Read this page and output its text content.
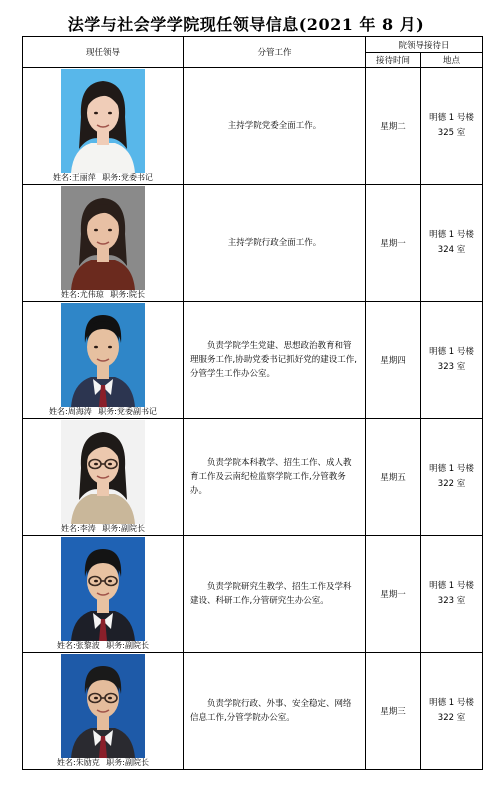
法学与社会学学院现任领导信息(2021 年 8 月)
现任领导	分管工作	院领导接待日	
		接待时间	地点

姓名:王丽萍 职务:党委书记	主持学院党委全面工作。	星期二	明德 1 号楼
325 室

姓名:尤伟琼 职务:院长	主持学院行政全面工作。	星期一	明德 1 号楼
324 室

姓名:周海涛 职务:党委副书记	负责学院学生党建、思想政治教育和管理服务工作,协助党委书记抓好党的建设工作,分管学生工作办公室。	星期四	明德 1 号楼
323 室

姓名:李涛 职务:副院长	负责学院本科教学、招生工作、成人教育工作及云南纪检监察学院工作,分管教务办。	星期五	明德 1 号楼
322 室

姓名:张黎波 职务:副院长	负责学院研究生教学、招生工作及学科建设、科研工作,分管研究生办公室。	星期一	明德 1 号楼
323 室

姓名:朱励克 职务:副院长	负责学院行政、外事、安全稳定、网络信息工作,分管学院办公室。	星期三	明德 1 号楼
322 室
